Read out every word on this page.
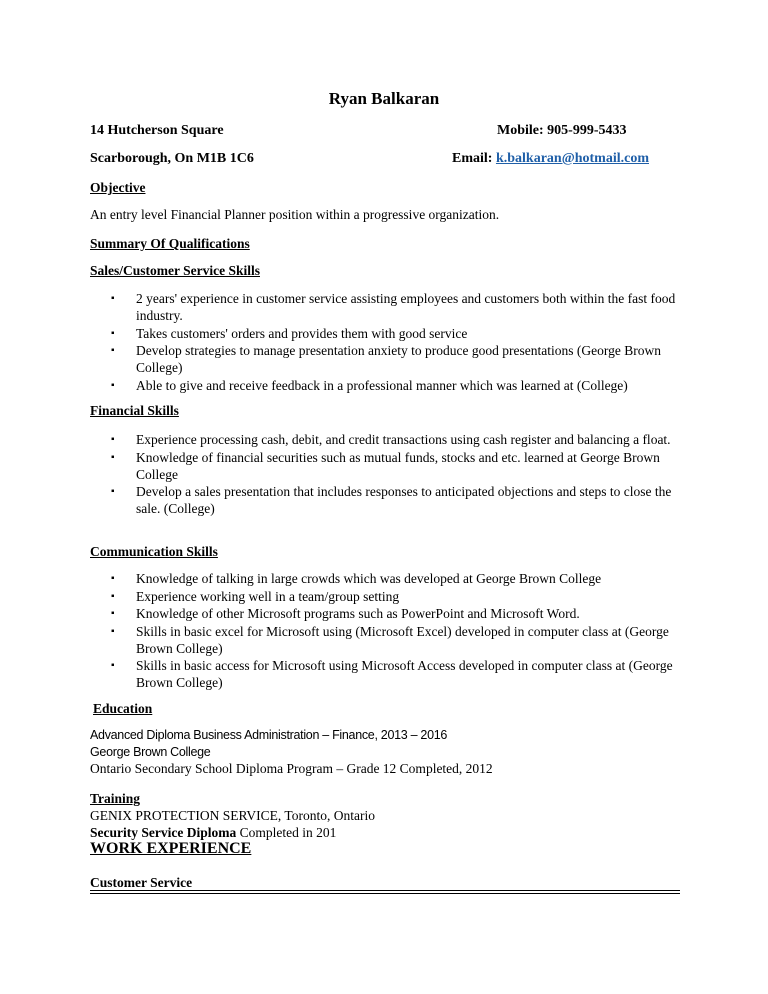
Ryan Balkaran
14 Hutcherson Square	Mobile: 905-999-5433
Scarborough, On M1B 1C6	Email: k.balkaran@hotmail.com
Objective
An entry level Financial Planner position within a progressive organization.
Summary Of Qualifications
Sales/Customer Service Skills
▪ 2 years' experience in customer service assisting employees and customers both within the fast food industry.
▪ Takes customers' orders and provides them with good service
▪ Develop strategies to manage presentation anxiety to produce good presentations (George Brown College)
▪ Able to give and receive feedback in a professional manner which was learned at (College)
Financial Skills
▪ Experience processing cash, debit, and credit transactions using cash register and balancing a float.
▪ Knowledge of financial securities such as mutual funds, stocks and etc. learned at George Brown College
▪ Develop a sales presentation that includes responses to anticipated objections and steps to close the sale. (College)
Communication Skills
▪ Knowledge of talking in large crowds which was developed at George Brown College
▪ Experience working well in a team/group setting
▪ Knowledge of other Microsoft programs such as PowerPoint and Microsoft Word.
▪ Skills in basic excel for Microsoft using (Microsoft Excel) developed in computer class at (George Brown College)
▪ Skills in basic access for Microsoft using Microsoft Access developed in computer class at (George Brown College)
Education
Advanced Diploma Business Administration – Finance, 2013 – 2016
George Brown College
Ontario Secondary School Diploma Program – Grade 12 Completed, 2012
Training
GENIX PROTECTION SERVICE, Toronto, Ontario
Security Service Diploma Completed in 201
WORK EXPERIENCE
Customer Service
